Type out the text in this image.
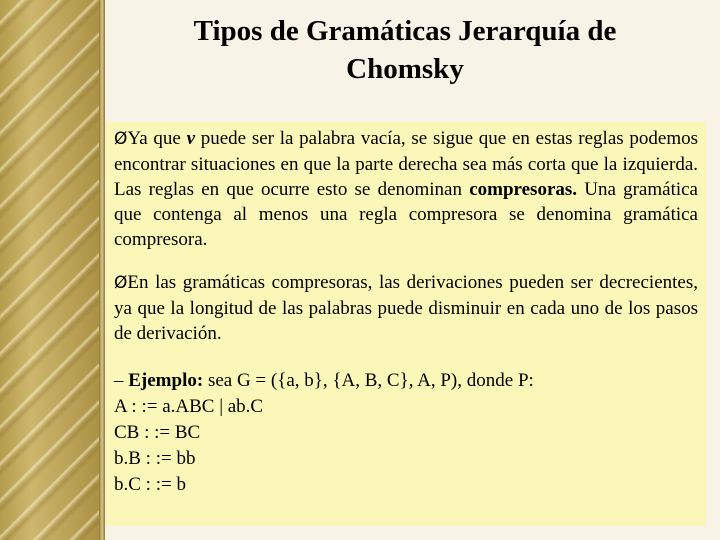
Tipos de Gramáticas Jerarquía de
Chomsky

ØYa que v puede ser la palabra vacía, se sigue que en estas reglas podemos encontrar situaciones en que la parte derecha sea más corta que la izquierda. Las reglas en que ocurre esto se denominan compresoras. Una gramática que contenga al menos una regla compresora se denomina gramática compresora.

ØEn las gramáticas compresoras, las derivaciones pueden ser decrecientes, ya que la longitud de las palabras puede disminuir en cada uno de los pasos de derivación.

– Ejemplo: sea G = ({a, b}, {A, B, C}, A, P), donde P:
A : := a.ABC | ab.C
CB : := BC
b.B : := bb
b.C : := b
